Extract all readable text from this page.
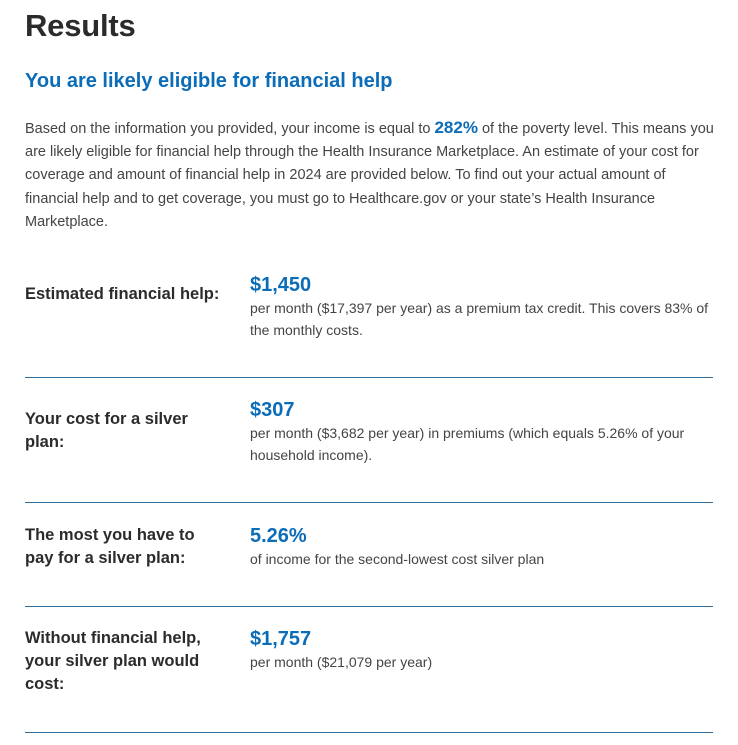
Results
You are likely eligible for financial help

Based on the information you provided, your income is equal to 282% of the poverty level. This means you are likely eligible for financial help through the Health Insurance Marketplace. An estimate of your cost for coverage and amount of financial help in 2024 are provided below. To find out your actual amount of financial help and to get coverage, you must go to Healthcare.gov or your state’s Health Insurance Marketplace.

Estimated financial help: $1,450
per month ($17,397 per year) as a premium tax credit. This covers 83% of the monthly costs.
Your cost for a silver plan:
$307
per month ($3,682 per year) in premiums (which equals 5.26% of your household income).
The most you have to pay for a silver plan:
5.26%
of income for the second-lowest cost silver plan
Without financial help, your silver plan would cost:
$1,757
per month ($21,079 per year)
